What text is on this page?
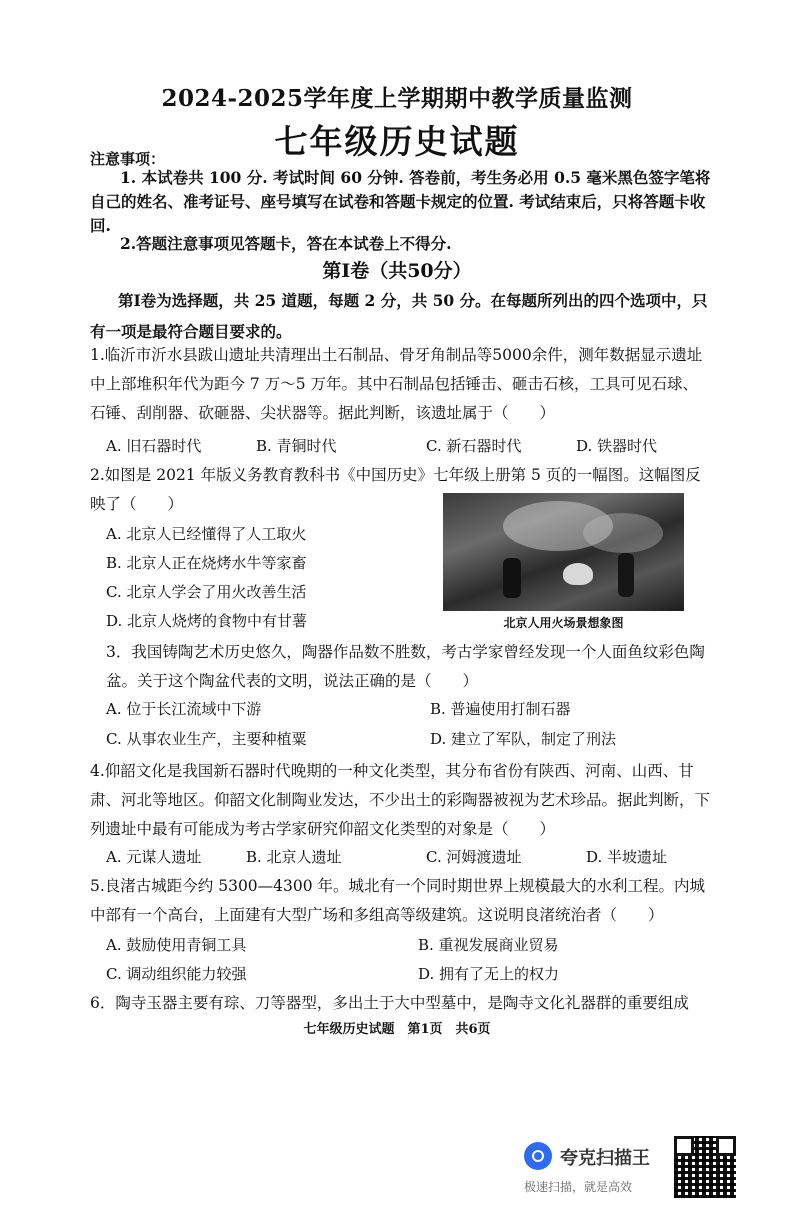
2024-2025学年度上学期期中教学质量监测
七年级历史试题
注意事项：
1. 本试卷共 100 分. 考试时间 60 分钟. 答卷前，考生务必用 0.5 毫米黑色签字笔将自己的姓名、准考证号、座号填写在试卷和答题卡规定的位置. 考试结束后，只将答题卡收回.
2.答题注意事项见答题卡，答在本试卷上不得分.
第Ⅰ卷（共50分）
第Ⅰ卷为选择题，共 25 道题，每题 2 分，共 50 分。在每题所列出的四个选项中，只有一项是最符合题目要求的。
1.临沂市沂水县跋山遗址共清理出土石制品、骨牙角制品等5000余件，测年数据显示遗址中上部堆积年代为距今 7 万～5 万年。其中石制品包括锤击、砸击石核，工具可见石球、石锤、刮削器、砍砸器、尖状器等。据此判断，该遗址属于（　　）
A. 旧石器时代	B. 青铜时代	C. 新石器时代	D. 铁器时代
2.如图是 2021 年版义务教育教科书《中国历史》七年级上册第 5 页的一幅图。这幅图反映了（　　）
A. 北京人已经懂得了人工取火
B. 北京人正在烧烤水牛等家畜
C. 北京人学会了用火改善生活
D. 北京人烧烤的食物中有甘薯	北京人用火场景想象图
3．我国铸陶艺术历史悠久，陶器作品数不胜数，考古学家曾经发现一个人面鱼纹彩色陶盆。关于这个陶盆代表的文明，说法正确的是（　　）
A. 位于长江流域中下游	B. 普遍使用打制石器
C. 从事农业生产，主要种植粟	D. 建立了军队，制定了刑法
4.仰韶文化是我国新石器时代晚期的一种文化类型，其分布省份有陕西、河南、山西、甘肃、河北等地区。仰韶文化制陶业发达，不少出土的彩陶器被视为艺术珍品。据此判断，下列遗址中最有可能成为考古学家研究仰韶文化类型的对象是（　　）
A. 元谋人遗址	B. 北京人遗址	C. 河姆渡遗址	D. 半坡遗址
5.良渚古城距今约 5300—4300 年。城北有一个同时期世界上规模最大的水利工程。内城中部有一个高台，上面建有大型广场和多组高等级建筑。这说明良渚统治者（　　）
A. 鼓励使用青铜工具	B. 重视发展商业贸易
C. 调动组织能力较强	D. 拥有了无上的权力
6．陶寺玉器主要有琮、刀等器型，多出土于大中型墓中，是陶寺文化礼器群的重要组成
七年级历史试题　第1页　共6页
夸克扫描王
极速扫描，就是高效
